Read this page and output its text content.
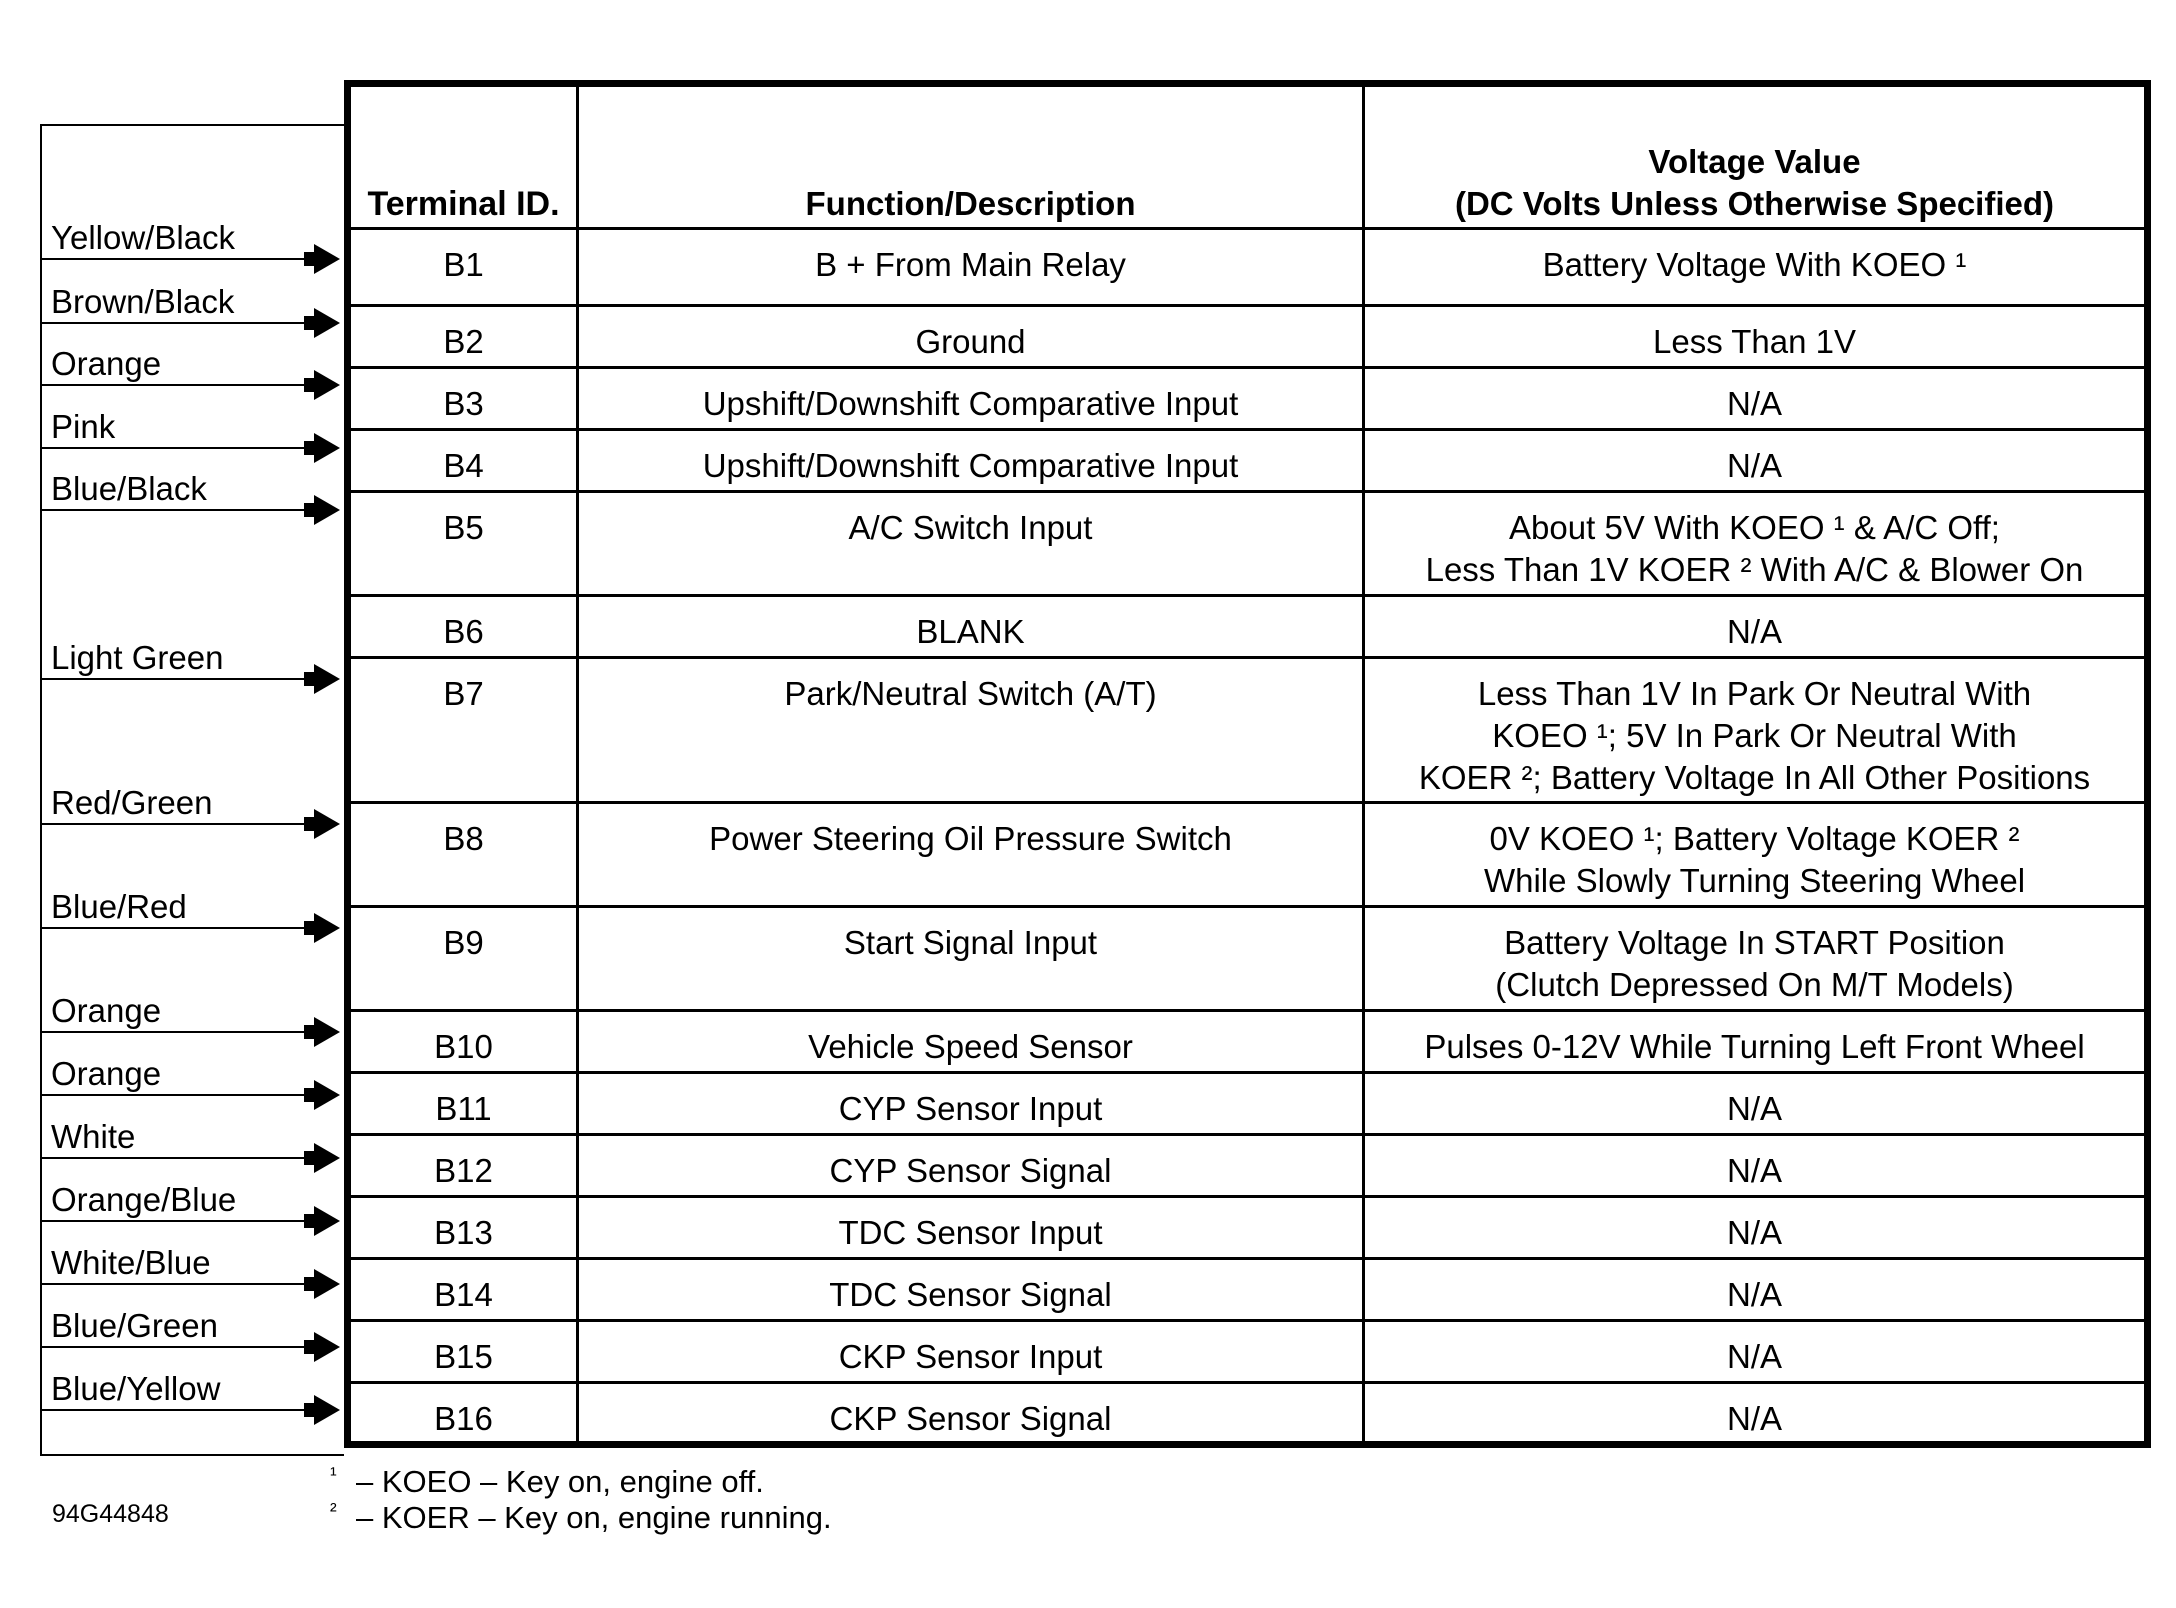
Terminal ID.	Function/Description	Voltage Value
(DC Volts Unless Otherwise Specified)

B1	B + From Main Relay	Battery Voltage With KOEO ¹
B2	Ground	Less Than 1V
B3	Upshift/Downshift Comparative Input	N/A
B4	Upshift/Downshift Comparative Input	N/A
B5	A/C Switch Input	About 5V With KOEO ¹ & A/C Off;
Less Than 1V KOER ² With A/C & Blower On
B6	BLANK	N/A
B7	Park/Neutral Switch (A/T)	Less Than 1V In Park Or Neutral With
KOEO ¹; 5V In Park Or Neutral With
KOER ²; Battery Voltage In All Other Positions
B8	Power Steering Oil Pressure Switch	0V KOEO ¹; Battery Voltage KOER ²
While Slowly Turning Steering Wheel
B9	Start Signal Input	Battery Voltage In START Position
(Clutch Depressed On M/T Models)
B10	Vehicle Speed Sensor	Pulses 0-12V While Turning Left Front Wheel
B11	CYP Sensor Input	N/A
B12	CYP Sensor Signal	N/A
B13	TDC Sensor Input	N/A
B14	TDC Sensor Signal	N/A
B15	CKP Sensor Input	N/A
B16	CKP Sensor Signal	N/A
Yellow/Black
Brown/Black
Orange
Pink
Blue/Black
Light Green
Red/Green
Blue/Red
Orange
Orange
White
Orange/Blue
White/Blue
Blue/Green
Blue/Yellow
¹ – KOEO – Key on, engine off.
² – KOER – Key on, engine running.
94G44848
